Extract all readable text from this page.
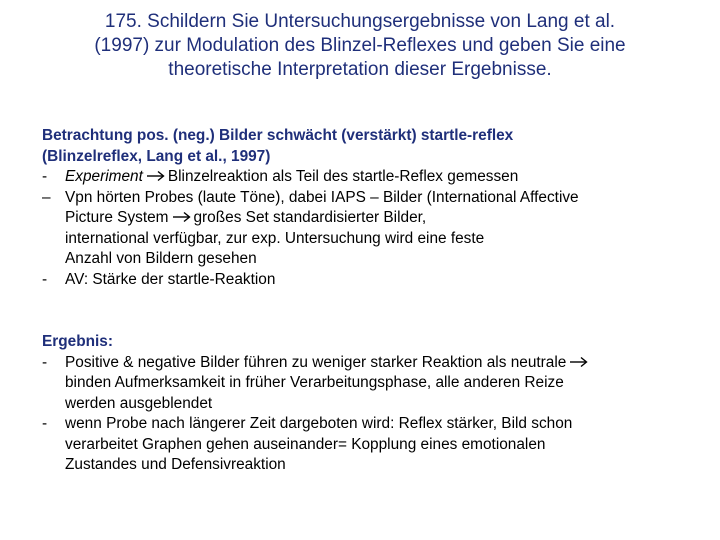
175. Schildern Sie Untersuchungsergebnisse von Lang et al.
(1997) zur Modulation des Blinzel-Reflexes und geben Sie eine
theoretische Interpretation dieser Ergebnisse.
Betrachtung pos. (neg.) Bilder schwächt (verstärkt) startle-reflex
(Blinzelreflex, Lang et al., 1997)
-	Experiment Blinzelreaktion als Teil des startle-Reflex gemessen
– Vpn hörten Probes (laute Töne), dabei IAPS – Bilder (International Affective
Picture System großes Set standardisierter Bilder,
international verfügbar, zur exp. Untersuchung wird eine feste
Anzahl von Bildern gesehen
-	AV: Stärke der startle-Reaktion
Ergebnis:
-	Positive & negative Bilder führen zu weniger starker Reaktion als neutrale
binden Aufmerksamkeit in früher Verarbeitungsphase, alle anderen Reize
werden ausgeblendet
-	wenn Probe nach längerer Zeit dargeboten wird: Reflex stärker, Bild schon
verarbeitet Graphen gehen auseinander= Kopplung eines emotionalen
Zustandes und Defensivreaktion
